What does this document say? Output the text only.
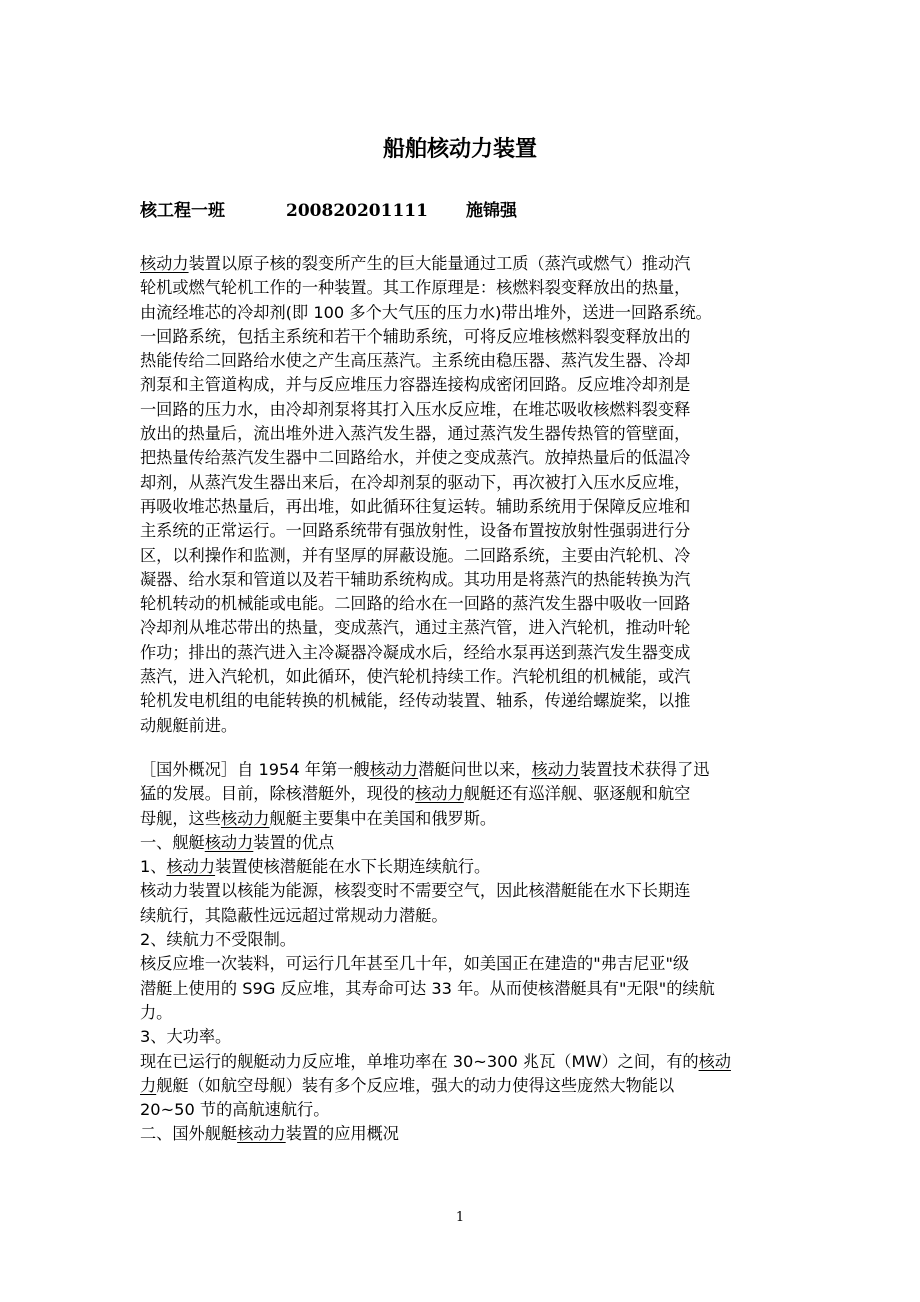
船舶核动力装置
核工程一班	200820201111 施锦强
核动力装置以原子核的裂变所产生的巨大能量通过工质（蒸汽或燃气）推动汽
轮机或燃气轮机工作的一种装置。其工作原理是：核燃料裂变释放出的热量，
由流经堆芯的冷却剂(即 100 多个大气压的压力水)带出堆外，送进一回路系统。
一回路系统，包括主系统和若干个辅助系统，可将反应堆核燃料裂变释放出的
热能传给二回路给水使之产生高压蒸汽。主系统由稳压器、蒸汽发生器、冷却
剂泵和主管道构成，并与反应堆压力容器连接构成密闭回路。反应堆冷却剂是
一回路的压力水，由冷却剂泵将其打入压水反应堆，在堆芯吸收核燃料裂变释
放出的热量后，流出堆外进入蒸汽发生器，通过蒸汽发生器传热管的管壁面，
把热量传给蒸汽发生器中二回路给水，并使之变成蒸汽。放掉热量后的低温冷
却剂，从蒸汽发生器出来后，在冷却剂泵的驱动下，再次被打入压水反应堆，
再吸收堆芯热量后，再出堆，如此循环往复运转。辅助系统用于保障反应堆和
主系统的正常运行。一回路系统带有强放射性，设备布置按放射性强弱进行分
区，以利操作和监测，并有坚厚的屏蔽设施。二回路系统，主要由汽轮机、冷
凝器、给水泵和管道以及若干辅助系统构成。其功用是将蒸汽的热能转换为汽
轮机转动的机械能或电能。二回路的给水在一回路的蒸汽发生器中吸收一回路
冷却剂从堆芯带出的热量，变成蒸汽，通过主蒸汽管，进入汽轮机，推动叶轮
作功；排出的蒸汽进入主冷凝器冷凝成水后，经给水泵再送到蒸汽发生器变成
蒸汽，进入汽轮机，如此循环，使汽轮机持续工作。汽轮机组的机械能，或汽
轮机发电机组的电能转换的机械能，经传动装置、轴系，传递给螺旋桨，以推
动舰艇前进。
［国外概况］自 1954 年第一艘核动力潜艇问世以来，核动力装置技术获得了迅
猛的发展。目前，除核潜艇外，现役的核动力舰艇还有巡洋舰、驱逐舰和航空
母舰，这些核动力舰艇主要集中在美国和俄罗斯。
一、舰艇核动力装置的优点
1、核动力装置使核潜艇能在水下长期连续航行。
核动力装置以核能为能源，核裂变时不需要空气，因此核潜艇能在水下长期连
续航行，其隐蔽性远远超过常规动力潜艇。
2、续航力不受限制。
核反应堆一次装料，可运行几年甚至几十年，如美国正在建造的"弗吉尼亚"级
潜艇上使用的 S9G 反应堆，其寿命可达 33 年。从而使核潜艇具有"无限"的续航
力。
3、大功率。
现在已运行的舰艇动力反应堆，单堆功率在 30~300 兆瓦（MW）之间，有的核动
力舰艇（如航空母舰）装有多个反应堆，强大的动力使得这些庞然大物能以
20~50 节的高航速航行。
二、国外舰艇核动力装置的应用概况
1
